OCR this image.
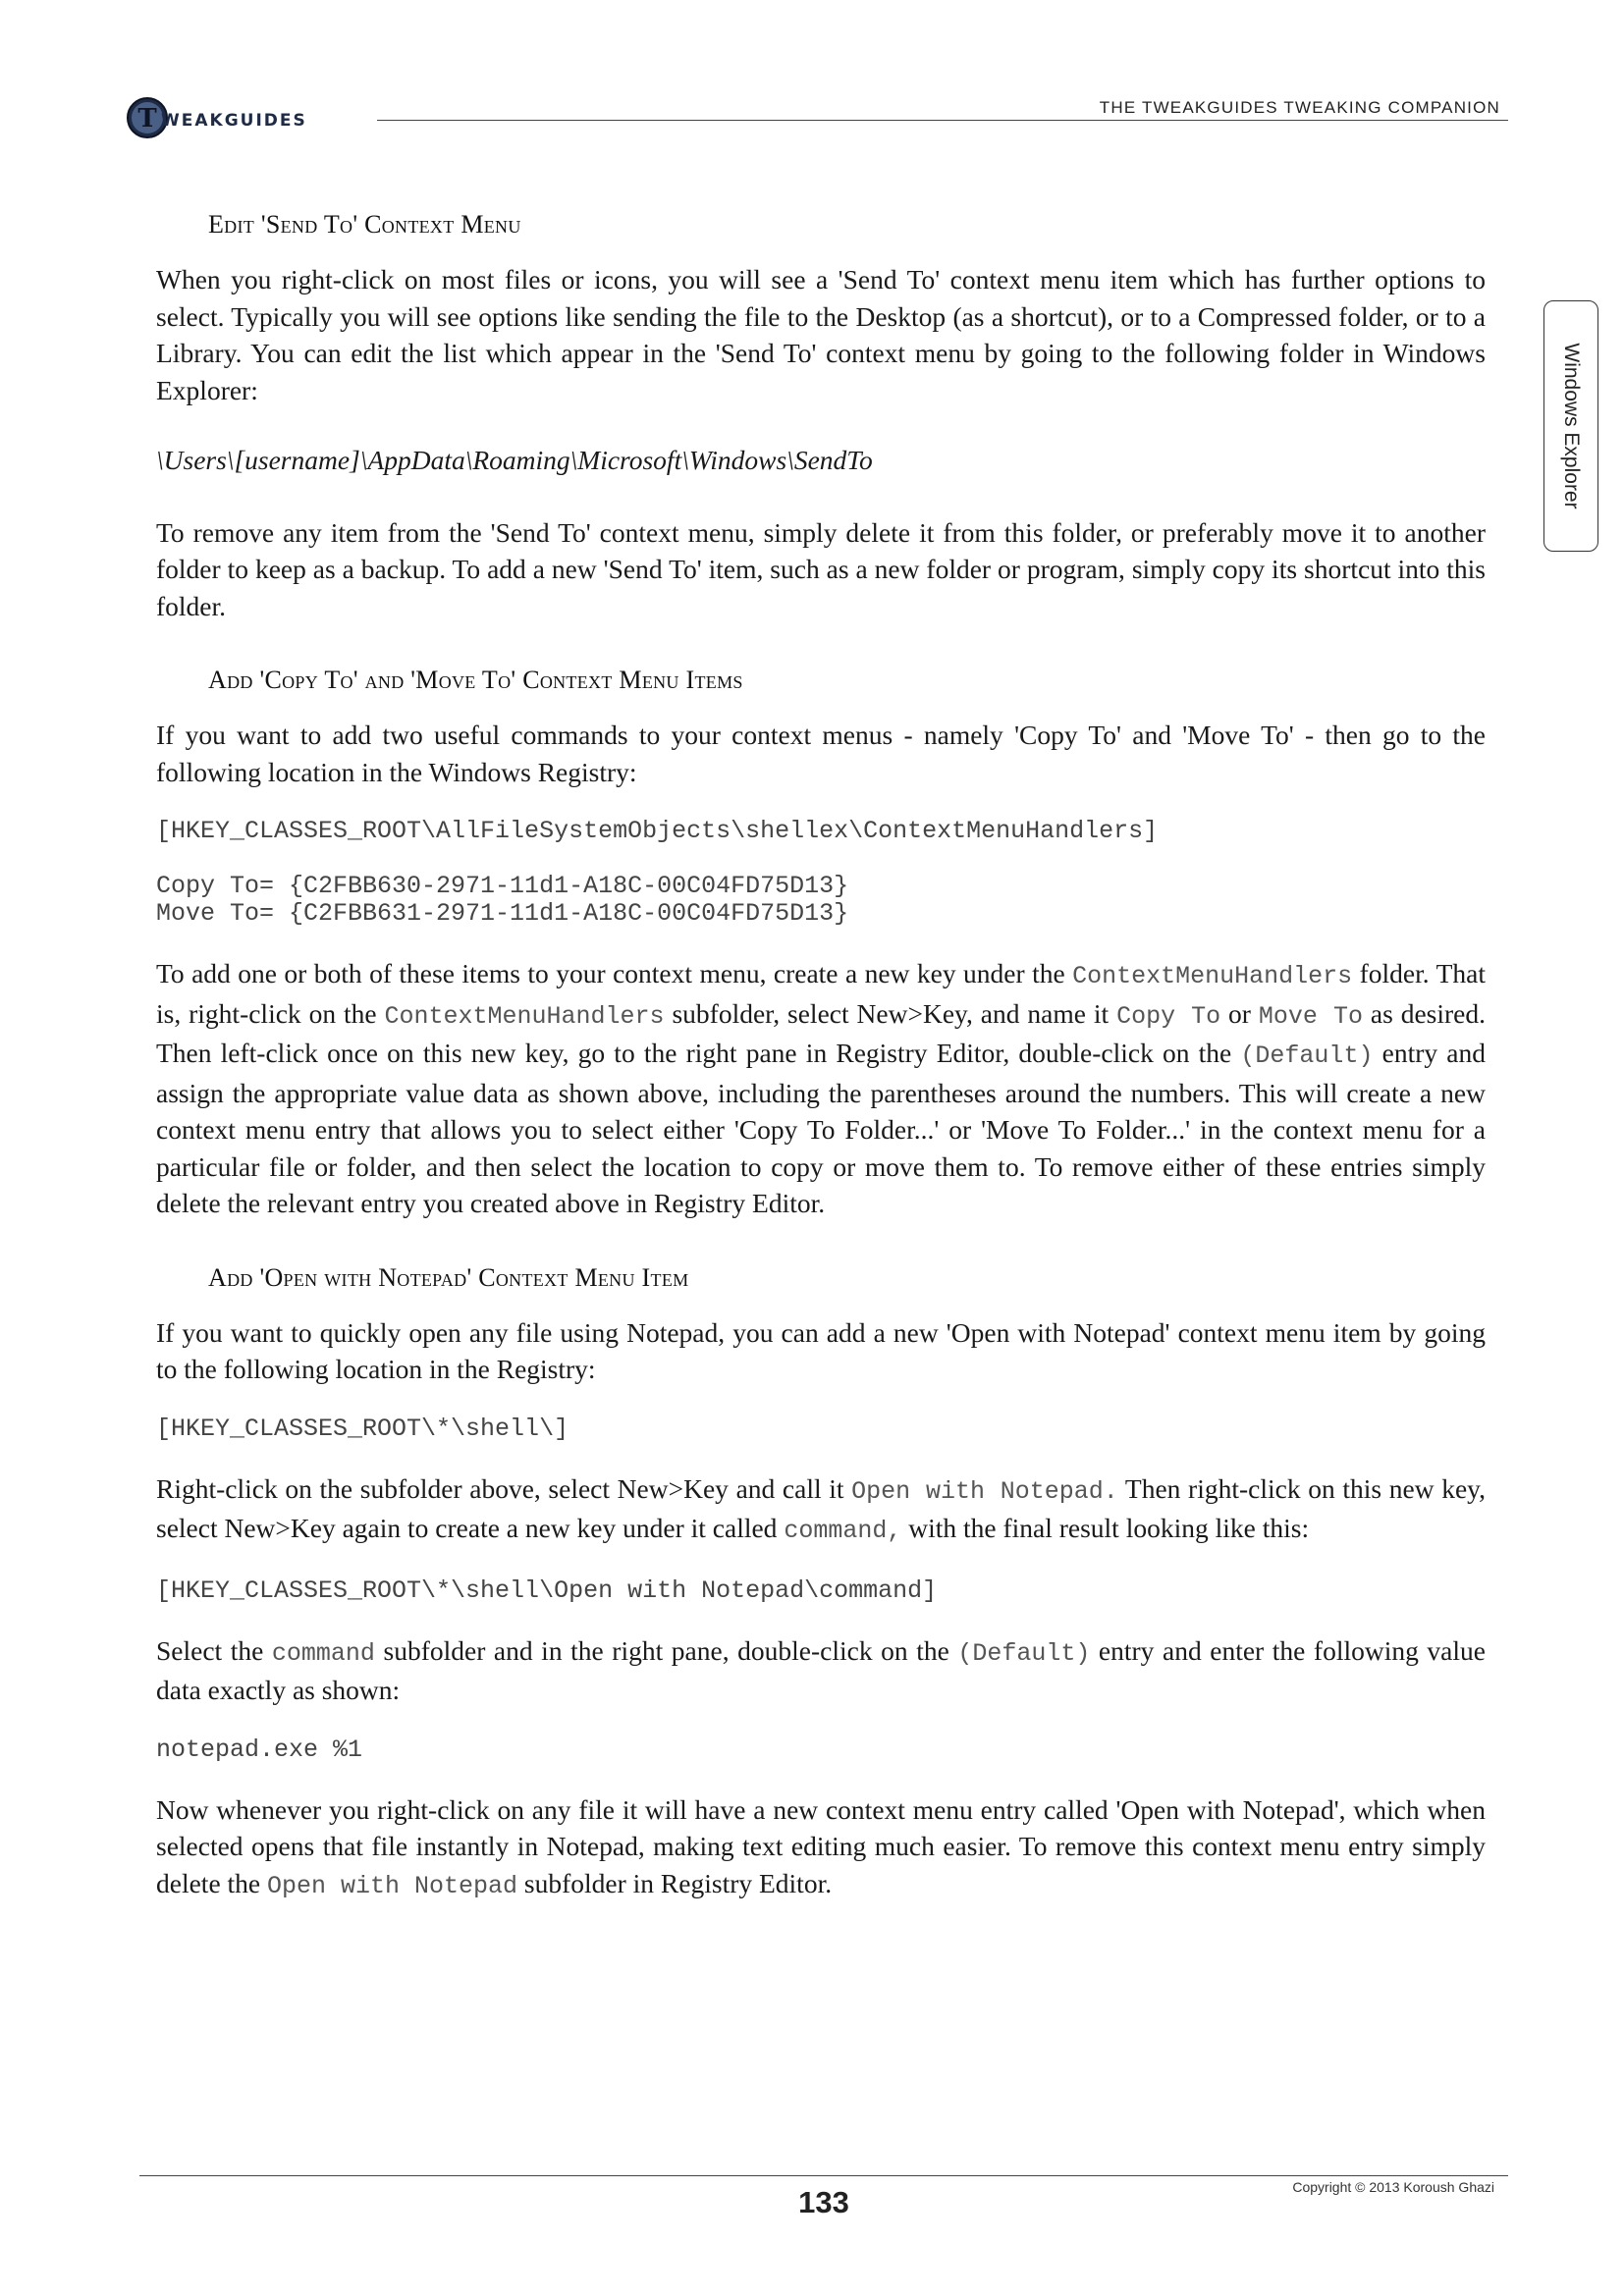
T WEAKGUIDES
THE TWEAKGUIDES TWEAKING COMPANION
Windows Explorer
Edit 'Send To' Context Menu

When you right-click on most files or icons, you will see a 'Send To' context menu item which has further options to select. Typically you will see options like sending the file to the Desktop (as a shortcut), or to a Compressed folder, or to a Library. You can edit the list which appear in the 'Send To' context menu by going to the following folder in Windows Explorer:

\Users\[username]\AppData\Roaming\Microsoft\Windows\SendTo

To remove any item from the 'Send To' context menu, simply delete it from this folder, or preferably move it to another folder to keep as a backup. To add a new 'Send To' item, such as a new folder or program, simply copy its shortcut into this folder.

Add 'Copy To' and 'Move To' Context Menu Items

If you want to add two useful commands to your context menus - namely 'Copy To' and 'Move To' - then go to the following location in the Windows Registry:

[HKEY_CLASSES_ROOT\AllFileSystemObjects\shellex\ContextMenuHandlers]
Copy To= {C2FBB630-2971-11d1-A18C-00C04FD75D13}
Move To= {C2FBB631-2971-11d1-A18C-00C04FD75D13}

To add one or both of these items to your context menu, create a new key under the ContextMenuHandlers folder. That is, right-click on the ContextMenuHandlers subfolder, select New>Key, and name it Copy To or Move To as desired. Then left-click once on this new key, go to the right pane in Registry Editor, double-click on the (Default) entry and assign the appropriate value data as shown above, including the parentheses around the numbers. This will create a new context menu entry that allows you to select either 'Copy To Folder...' or 'Move To Folder...' in the context menu for a particular file or folder, and then select the location to copy or move them to. To remove either of these entries simply delete the relevant entry you created above in Registry Editor.

Add 'Open with Notepad' Context Menu Item

If you want to quickly open any file using Notepad, you can add a new 'Open with Notepad' context menu item by going to the following location in the Registry:

[HKEY_CLASSES_ROOT\*\shell\]

Right-click on the subfolder above, select New>Key and call it Open with Notepad. Then right-click on this new key, select New>Key again to create a new key under it called command, with the final result looking like this:

[HKEY_CLASSES_ROOT\*\shell\Open with Notepad\command]

Select the command subfolder and in the right pane, double-click on the (Default) entry and enter the following value data exactly as shown:

notepad.exe %1

Now whenever you right-click on any file it will have a new context menu entry called 'Open with Notepad', which when selected opens that file instantly in Notepad, making text editing much easier. To remove this context menu entry simply delete the Open with Notepad subfolder in Registry Editor.

133	Copyright © 2013 Koroush Ghazi
